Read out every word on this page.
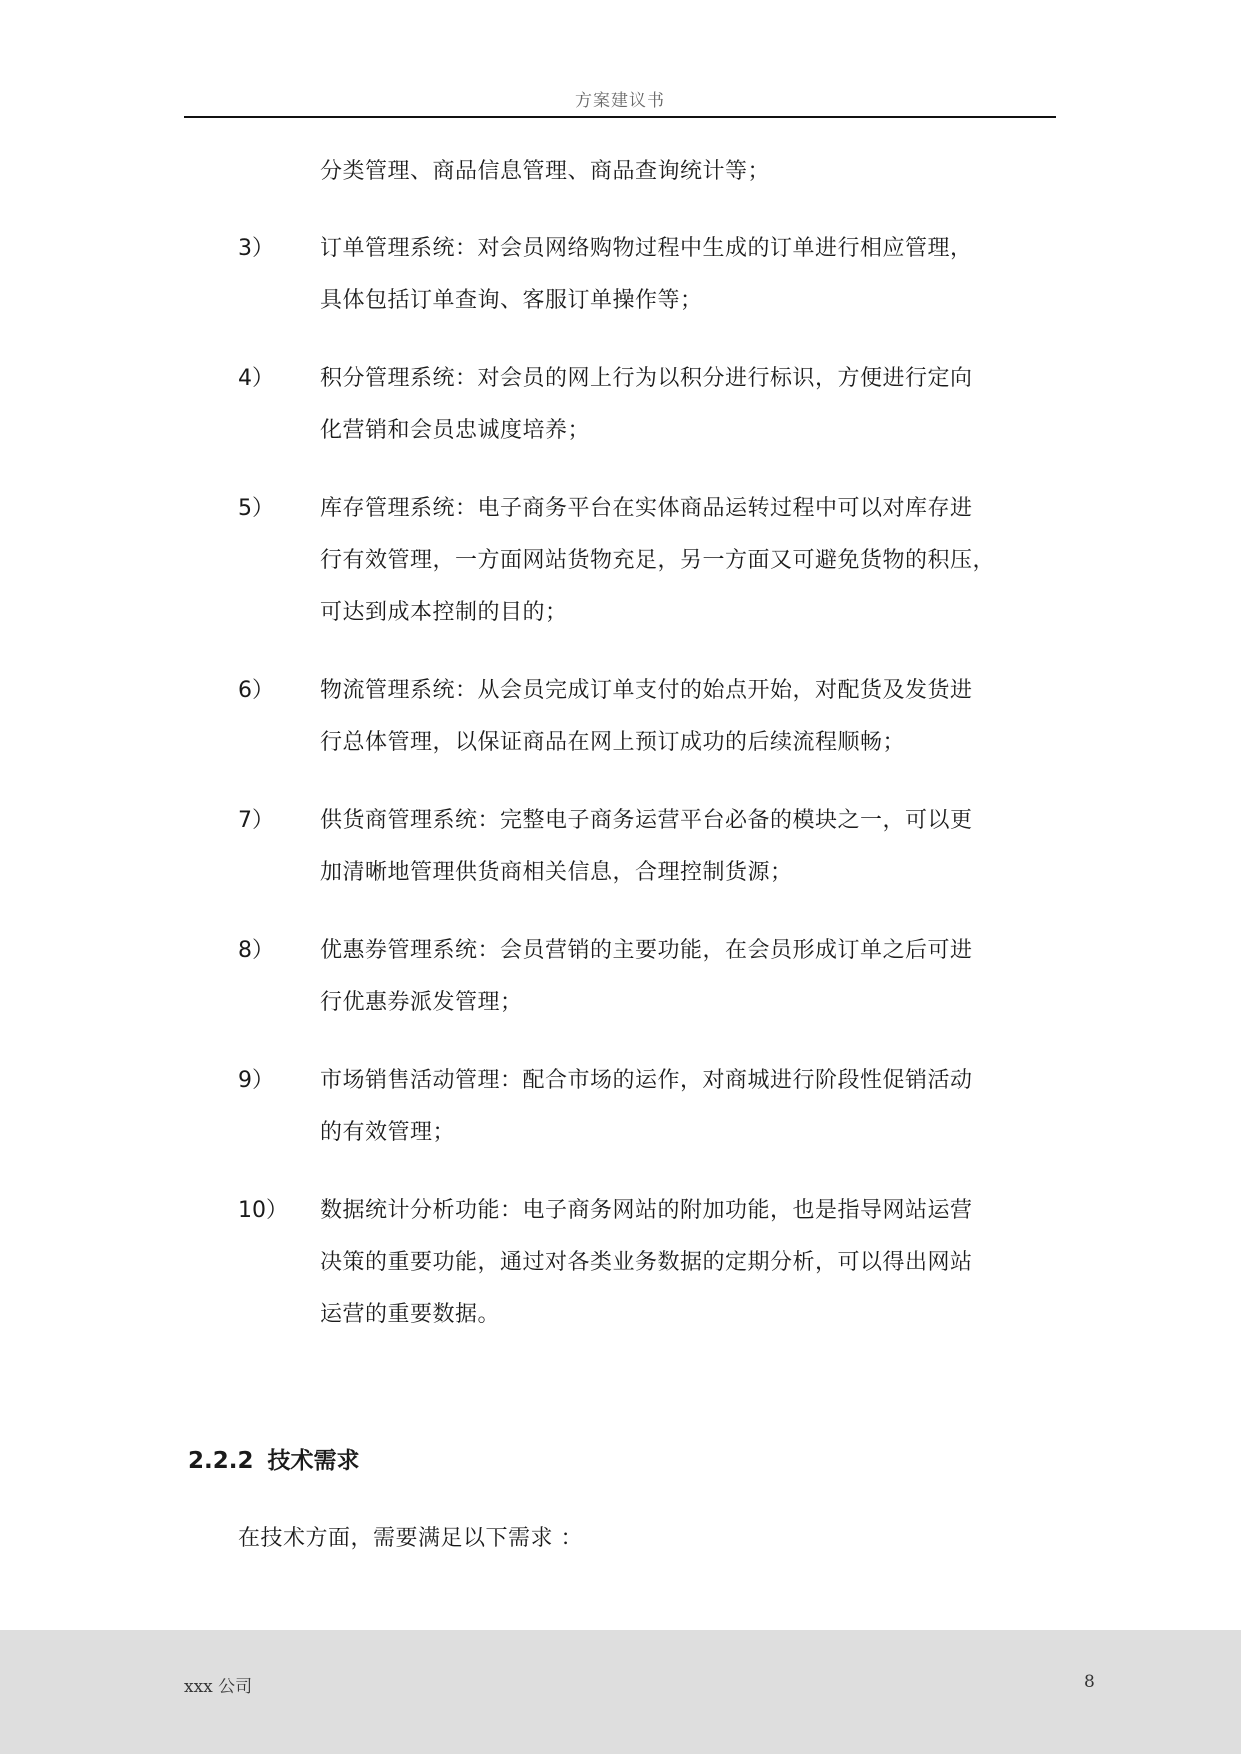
方案建议书
分类管理、商品信息管理、商品查询统计等；
3） 订单管理系统：对会员网络购物过程中生成的订单进行相应管理，
具体包括订单查询、客服订单操作等；
4） 积分管理系统：对会员的网上行为以积分进行标识，方便进行定向
化营销和会员忠诚度培养；
5） 库存管理系统：电子商务平台在实体商品运转过程中可以对库存进
行有效管理，一方面网站货物充足，另一方面又可避免货物的积压，
可达到成本控制的目的；
6） 物流管理系统：从会员完成订单支付的始点开始，对配货及发货进
行总体管理，以保证商品在网上预订成功的后续流程顺畅；
7） 供货商管理系统：完整电子商务运营平台必备的模块之一，可以更
加清晰地管理供货商相关信息，合理控制货源；
8） 优惠券管理系统：会员营销的主要功能，在会员形成订单之后可进
行优惠券派发管理；
9） 市场销售活动管理：配合市场的运作，对商城进行阶段性促销活动
的有效管理；
10） 数据统计分析功能：电子商务网站的附加功能，也是指导网站运营
决策的重要功能，通过对各类业务数据的定期分析，可以得出网站
运营的重要数据。
2.2.2 技术需求
在技术方面，需要满足以下需求 ：
xxx 公司	8
